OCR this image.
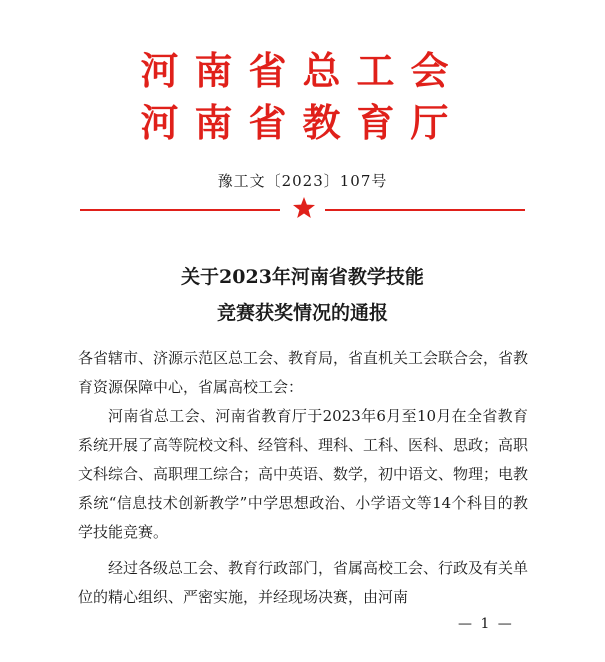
河南省总工会
河南省教育厅
豫工文〔2023〕107号
关于2023年河南省教学技能
竞赛获奖情况的通报
各省辖市、济源示范区总工会、教育局，省直机关工会联合会，省教育资源保障中心，省属高校工会：
河南省总工会、河南省教育厅于2023年6月至10月在全省教育系统开展了高等院校文科、经管科、理科、工科、医科、思政；高职文科综合、高职理工综合；高中英语、数学，初中语文、物理；电教系统“信息技术创新教学”中学思想政治、小学语文等14个科目的教学技能竞赛。
经过各级总工会、教育行政部门，省属高校工会、行政及有关单位的精心组织、严密实施，并经现场决赛，由河南
— 1 —
